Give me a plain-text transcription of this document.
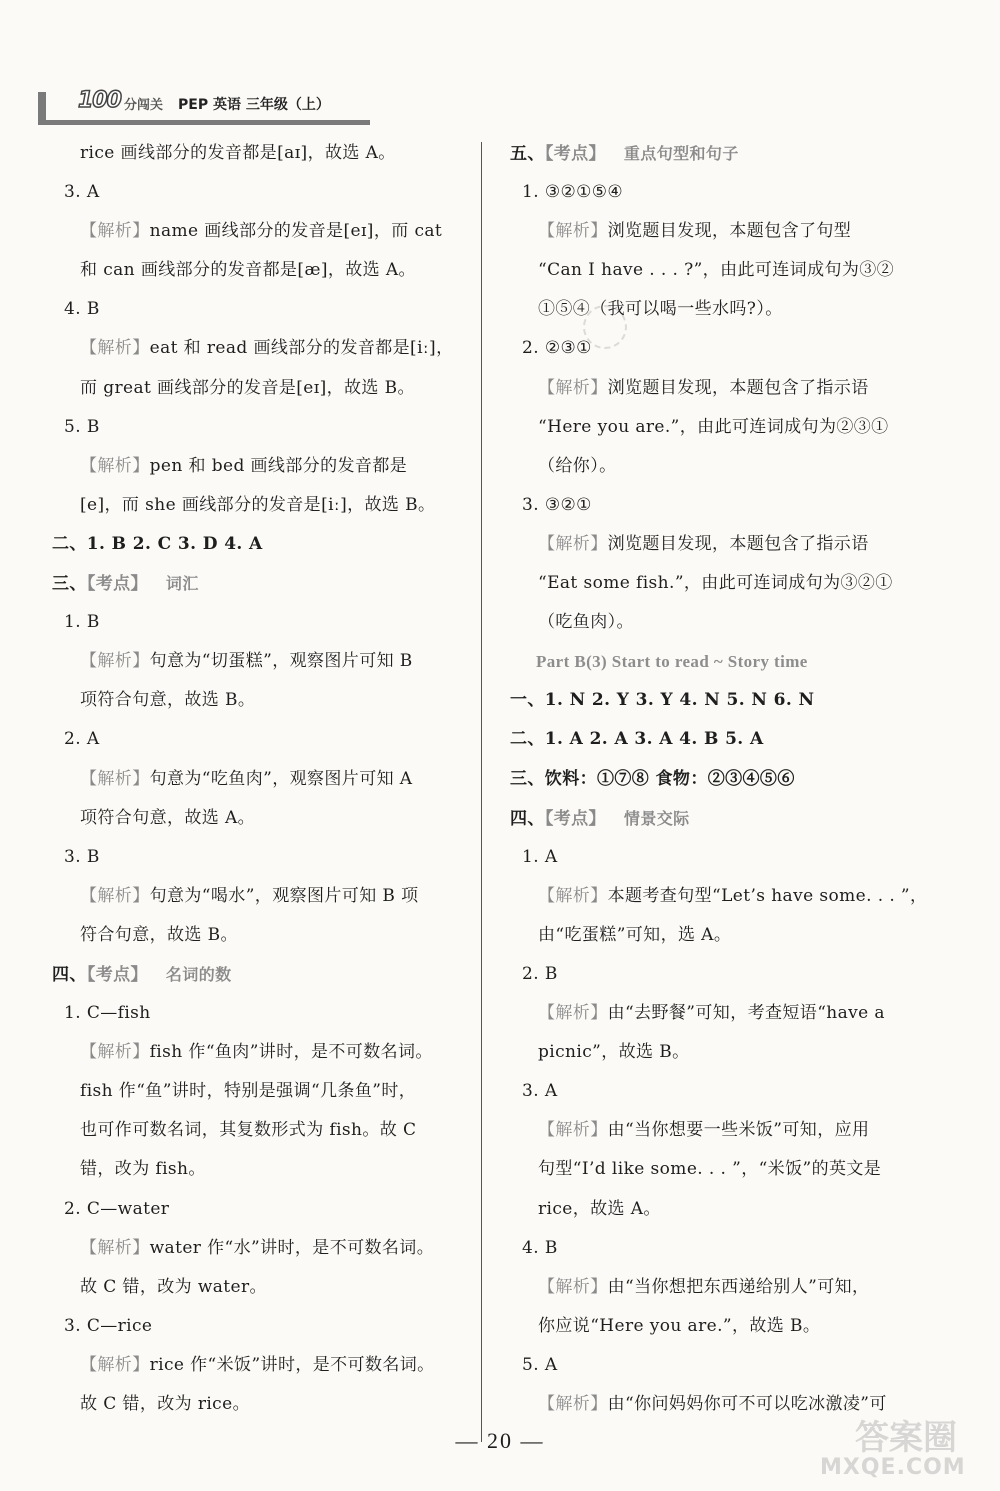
100 分闯关 PEP 英语 三年级（上）
rice 画线部分的发音都是[aɪ]，故选 A。
3. A
【解析】name 画线部分的发音是[eɪ]，而 cat
和 can 画线部分的发音都是[æ]，故选 A。
4. B
【解析】eat 和 read 画线部分的发音都是[iː]，
而 great 画线部分的发音是[eɪ]，故选 B。
5. B
【解析】pen 和 bed 画线部分的发音都是
[e]，而 she 画线部分的发音是[iː]，故选 B。
二、1. B 2. C 3. D 4. A
三、【考点】 词汇
1. B
【解析】句意为“切蛋糕”，观察图片可知 B
项符合句意，故选 B。
2. A
【解析】句意为“吃鱼肉”，观察图片可知 A
项符合句意，故选 A。
3. B
【解析】句意为“喝水”，观察图片可知 B 项
符合句意，故选 B。
四、【考点】 名词的数
1. C—fish
【解析】fish 作“鱼肉”讲时，是不可数名词。
fish 作“鱼”讲时，特别是强调“几条鱼”时，
也可作可数名词，其复数形式为 fish。故 C
错，改为 fish。
2. C—water
【解析】water 作“水”讲时，是不可数名词。
故 C 错，改为 water。
3. C—rice
【解析】rice 作“米饭”讲时，是不可数名词。
故 C 错，改为 rice。
五、【考点】 重点句型和句子
1. ③②①⑤④
【解析】浏览题目发现，本题包含了句型
“Can I have . . . ?”，由此可连词成句为③②
①⑤④（我可以喝一些水吗?）。
2. ②③①
【解析】浏览题目发现，本题包含了指示语
“Here you are.”，由此可连词成句为②③①
（给你）。
3. ③②①
【解析】浏览题目发现，本题包含了指示语
“Eat some fish.”，由此可连词成句为③②①
（吃鱼肉）。
Part B(3) Start to read ~ Story time
一、1. N 2. Y 3. Y 4. N 5. N 6. N
二、1. A 2. A 3. A 4. B 5. A
三、饮料：①⑦⑧ 食物：②③④⑤⑥
四、【考点】 情景交际
1. A
【解析】本题考查句型“Let’s have some. . . ”，
由“吃蛋糕”可知，选 A。
2. B
【解析】由“去野餐”可知，考查短语“have a
picnic”，故选 B。
3. A
【解析】由“当你想要一些米饭”可知，应用
句型“I’d like some. . . ”，“米饭”的英文是
rice，故选 A。
4. B
【解析】由“当你想把东西递给别人”可知，
你应说“Here you are.”，故选 B。
5. A
【解析】由“你问妈妈你可不可以吃冰激凌”可
— 20 —	答案圈
MXQE.COM
